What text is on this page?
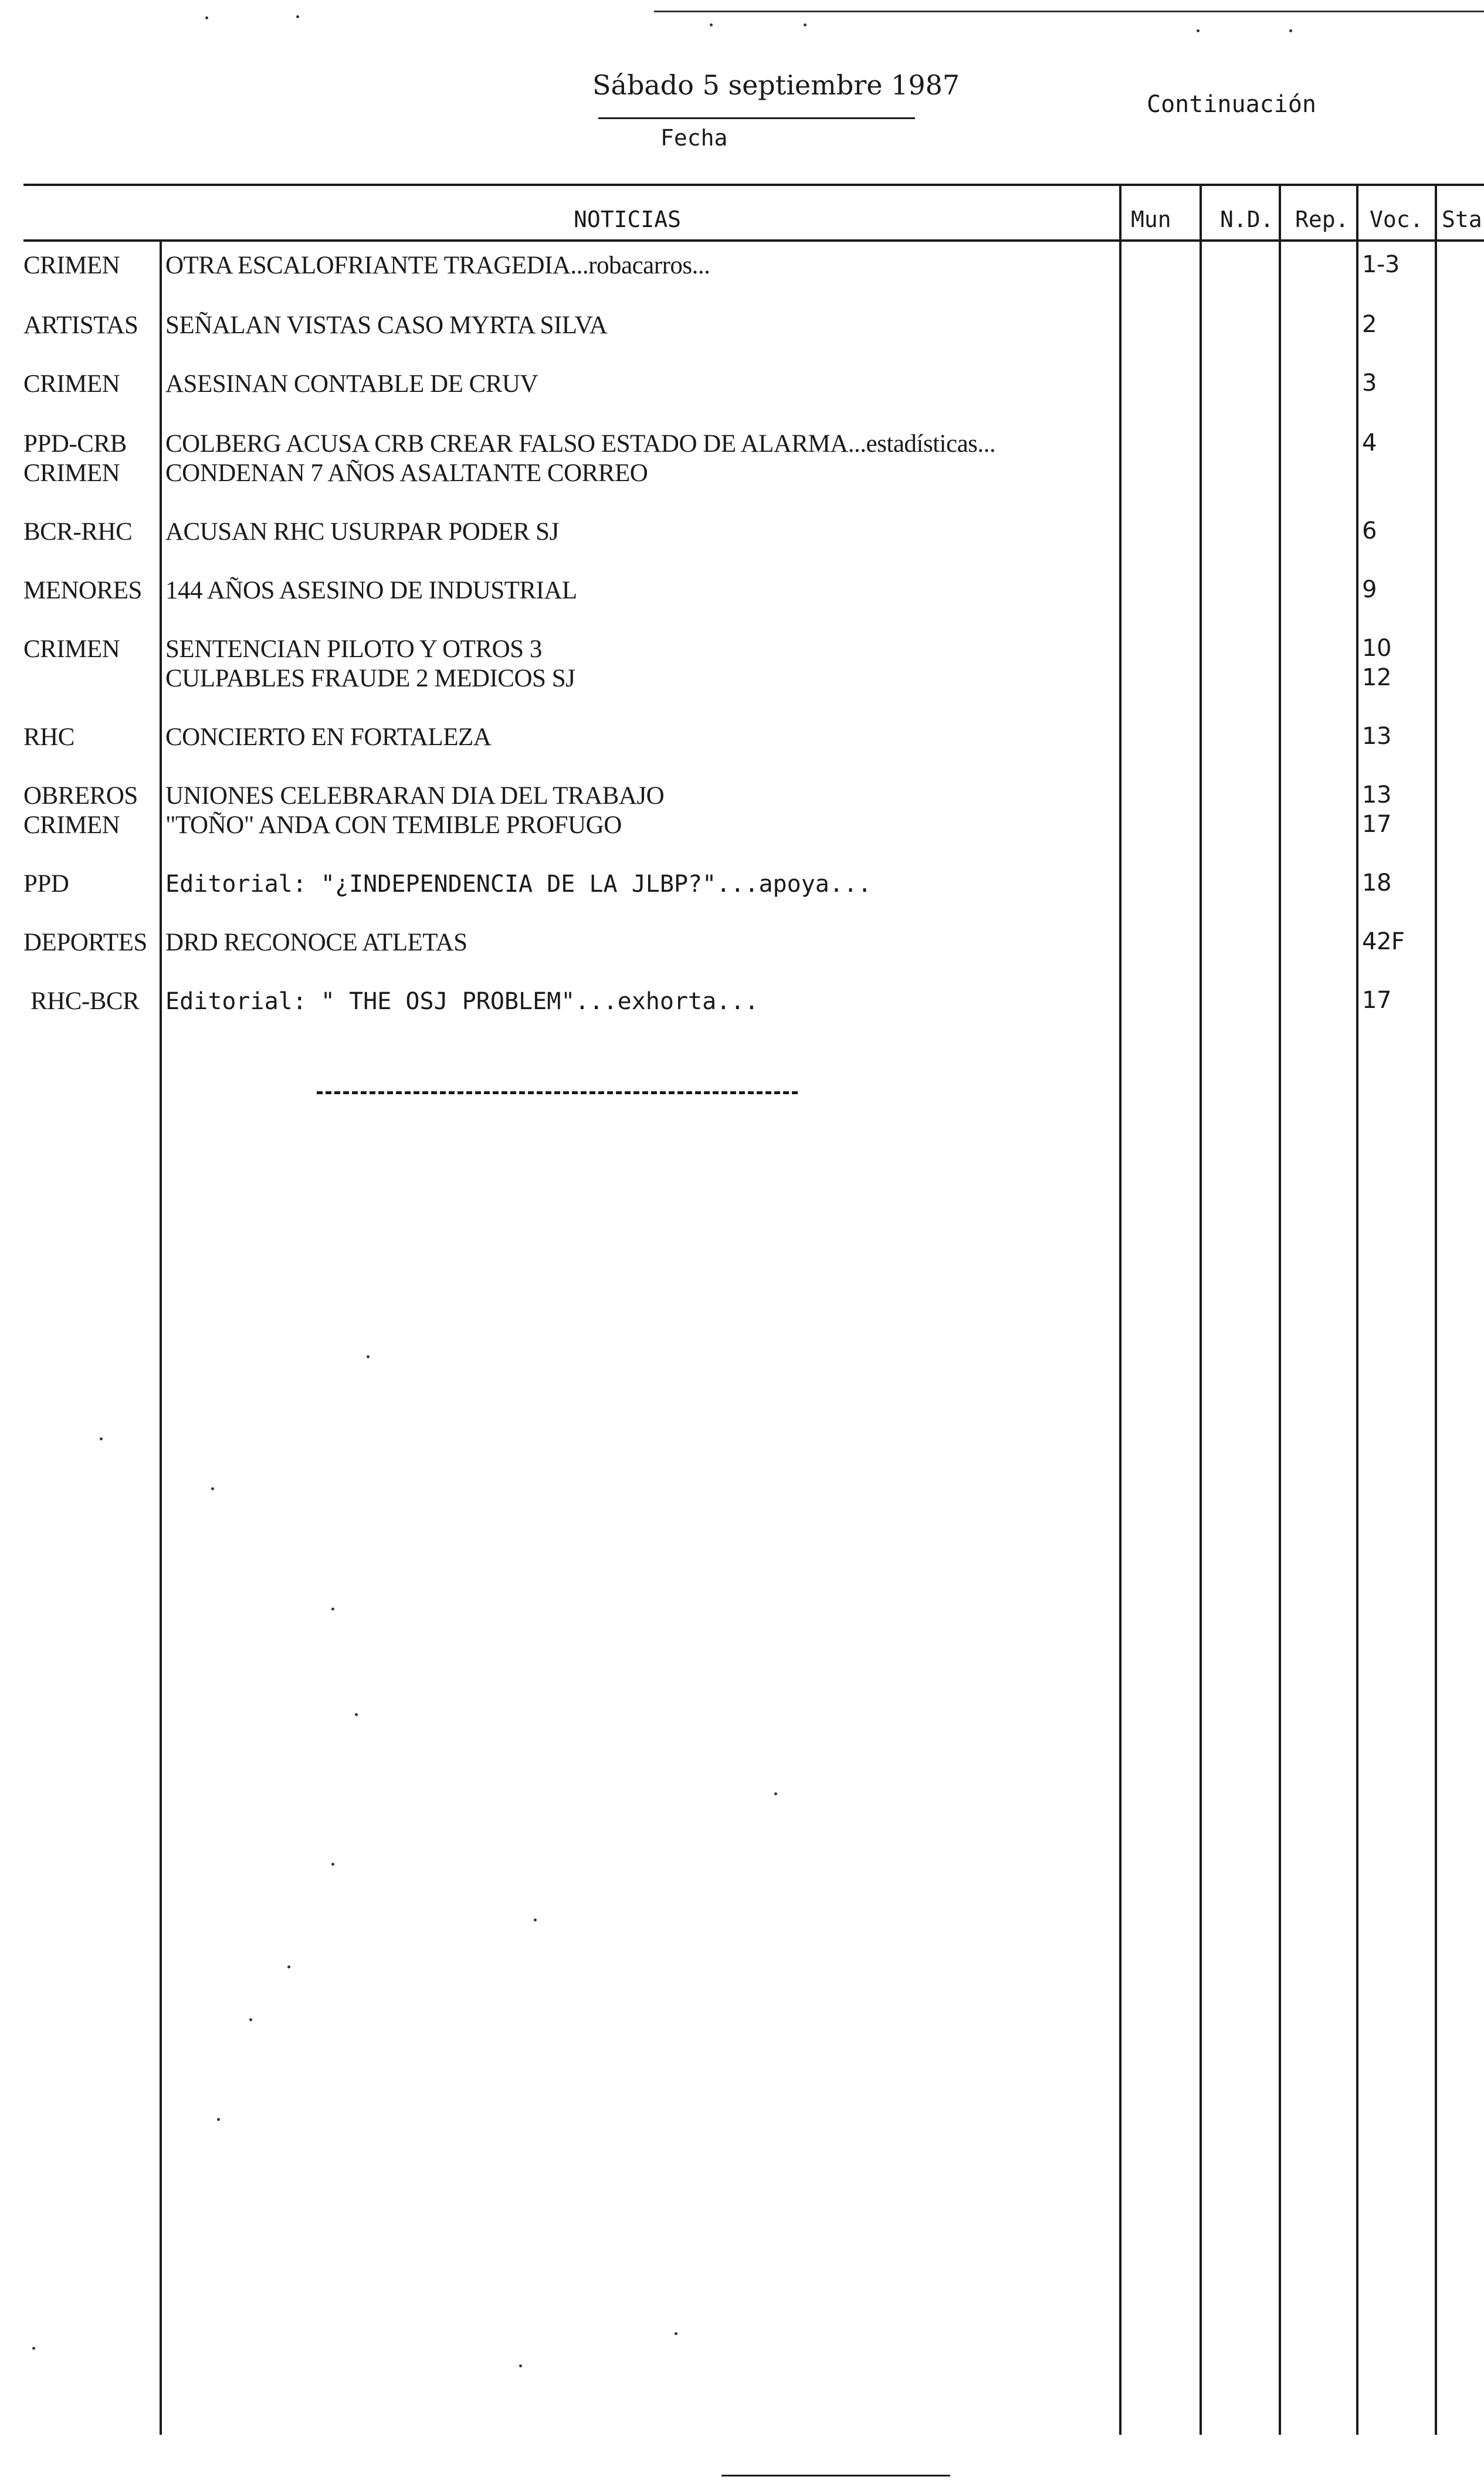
Sábado 5 septiembre 1987
Fecha
Continuación
NOTICIAS	Mun N.D. Rep. Voc. Sta
CRIMEN OTRA ESCALOFRIANTE TRAGEDIA...robacarros...	1-3
ARTISTAS SEÑALAN VISTAS CASO MYRTA SILVA	2
CRIMEN ASESINAN CONTABLE DE CRUV	3
PPD-CRB COLBERG ACUSA CRB CREAR FALSO ESTADO DE ALARMA...estadísticas...	4
CRIMEN CONDENAN 7 AÑOS ASALTANTE CORREO
BCR-RHC ACUSAN RHC USURPAR PODER SJ	6
MENORES 144 AÑOS ASESINO DE INDUSTRIAL	9
CRIMEN SENTENCIAN PILOTO Y OTROS 3	10
CULPABLES FRAUDE 2 MEDICOS SJ	12
RHC	CONCIERTO EN FORTALEZA	13
OBREROS UNIONES CELEBRARAN DIA DEL TRABAJO	13
CRIMEN "TOÑO" ANDA CON TEMIBLE PROFUGO	17
PPD	Editorial: "¿INDEPENDENCIA DE LA JLBP?"...apoya...	18
DEPORTES DRD RECONOCE ATLETAS	42F
RHC-BCR Editorial: " THE OSJ PROBLEM"...exhorta...	17
